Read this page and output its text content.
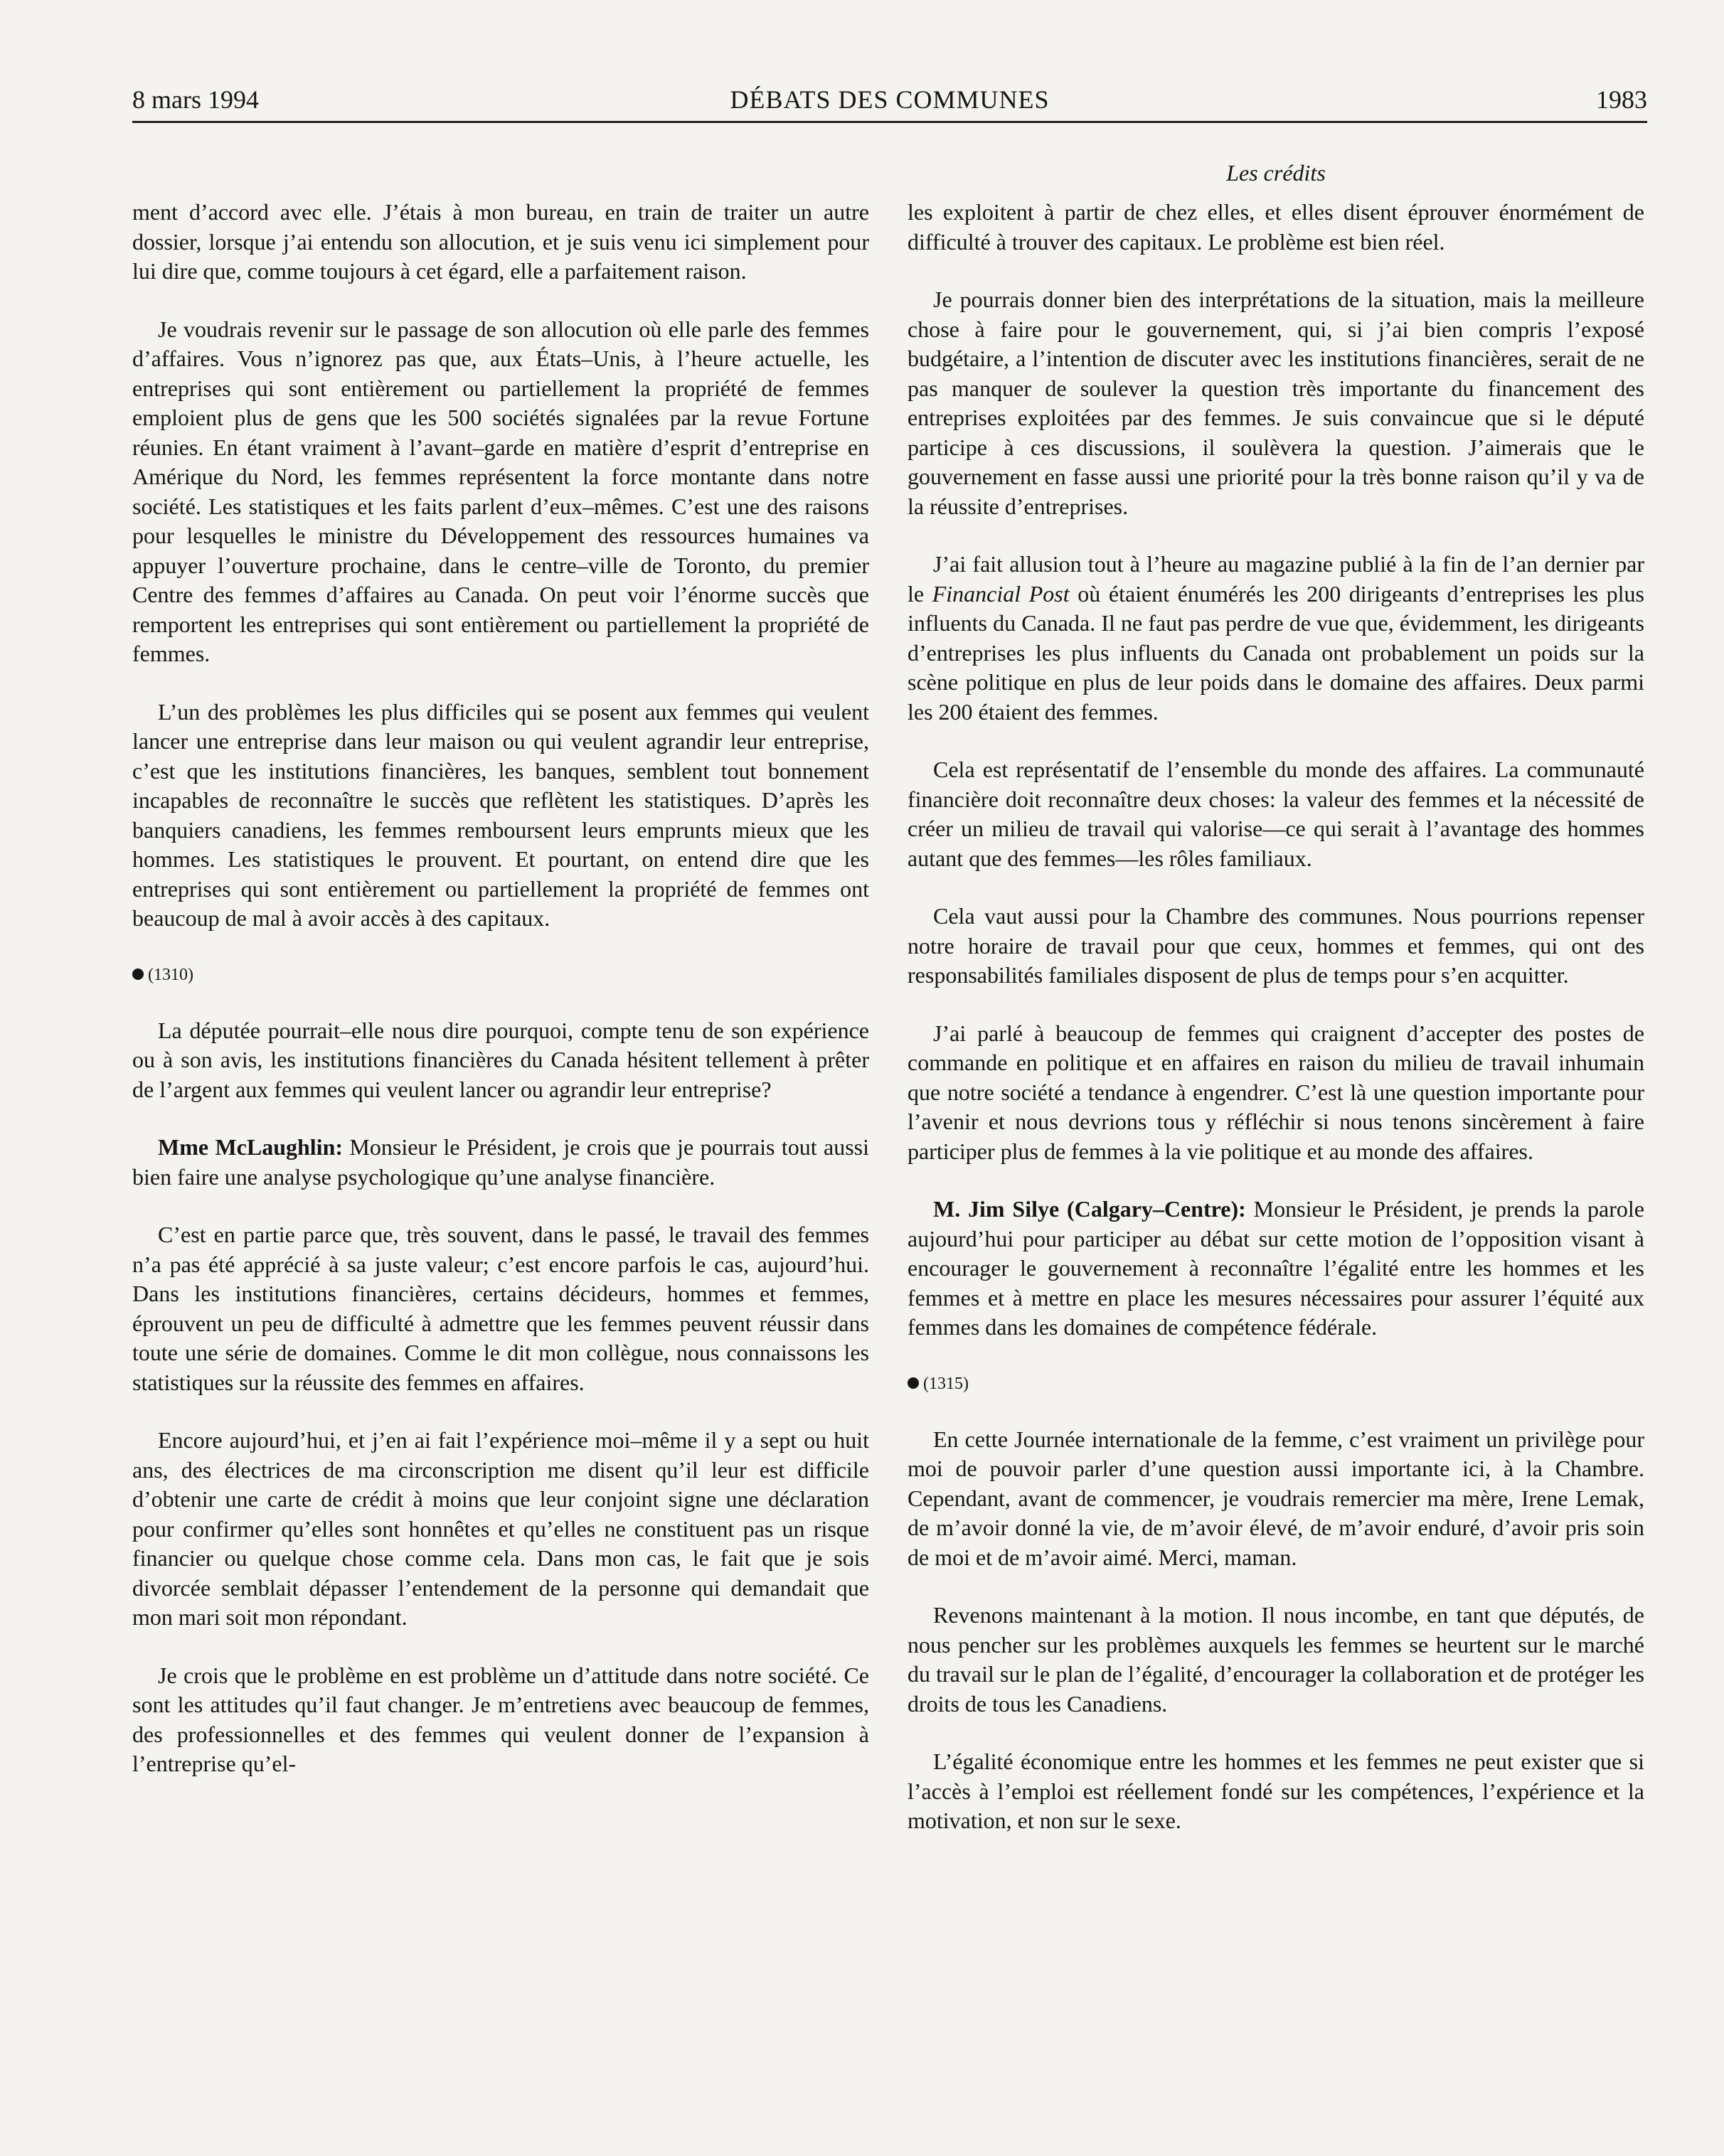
8 mars 1994	DÉBATS DES COMMUNES	1983
Les crédits

ment d’accord avec elle. J’étais à mon bureau, en train de traiter un autre dossier, lorsque j’ai entendu son allocution, et je suis venu ici simplement pour lui dire que, comme toujours à cet égard, elle a parfaitement raison.

Je voudrais revenir sur le passage de son allocution où elle parle des femmes d’affaires. Vous n’ignorez pas que, aux États–Unis, à l’heure actuelle, les entreprises qui sont entièrement ou partiellement la propriété de femmes emploient plus de gens que les 500 sociétés signalées par la revue Fortune réunies. En étant vraiment à l’avant–garde en matière d’esprit d’entreprise en Amérique du Nord, les femmes représentent la force montante dans notre société. Les statistiques et les faits parlent d’eux–mêmes. C’est une des raisons pour lesquelles le ministre du Développement des ressources humaines va appuyer l’ouverture prochaine, dans le centre–ville de Toronto, du premier Centre des femmes d’affaires au Canada. On peut voir l’énorme succès que remportent les entreprises qui sont entièrement ou partiellement la propriété de femmes.

L’un des problèmes les plus difficiles qui se posent aux femmes qui veulent lancer une entreprise dans leur maison ou qui veulent agrandir leur entreprise, c’est que les institutions financières, les banques, semblent tout bonnement incapables de reconnaître le succès que reflètent les statistiques. D’après les banquiers canadiens, les femmes remboursent leurs emprunts mieux que les hommes. Les statistiques le prouvent. Et pourtant, on entend dire que les entreprises qui sont entièrement ou partiellement la propriété de femmes ont beaucoup de mal à avoir accès à des capitaux.

(1310)

La députée pourrait–elle nous dire pourquoi, compte tenu de son expérience ou à son avis, les institutions financières du Canada hésitent tellement à prêter de l’argent aux femmes qui veulent lancer ou agrandir leur entreprise?

Mme McLaughlin: Monsieur le Président, je crois que je pourrais tout aussi bien faire une analyse psychologique qu’une analyse financière.

C’est en partie parce que, très souvent, dans le passé, le travail des femmes n’a pas été apprécié à sa juste valeur; c’est encore parfois le cas, aujourd’hui. Dans les institutions financières, certains décideurs, hommes et femmes, éprouvent un peu de difficulté à admettre que les femmes peuvent réussir dans toute une série de domaines. Comme le dit mon collègue, nous connaissons les statistiques sur la réussite des femmes en affaires.

Encore aujourd’hui, et j’en ai fait l’expérience moi–même il y a sept ou huit ans, des électrices de ma circonscription me disent qu’il leur est difficile d’obtenir une carte de crédit à moins que leur conjoint signe une déclaration pour confirmer qu’elles sont honnêtes et qu’elles ne constituent pas un risque financier ou quelque chose comme cela. Dans mon cas, le fait que je sois divorcée semblait dépasser l’entendement de la personne qui demandait que mon mari soit mon répondant.

Je crois que le problème en est problème un d’attitude dans notre société. Ce sont les attitudes qu’il faut changer. Je m’entretiens avec beaucoup de femmes, des professionnelles et des femmes qui veulent donner de l’expansion à l’entreprise qu’el-

les exploitent à partir de chez elles, et elles disent éprouver énormément de difficulté à trouver des capitaux. Le problème est bien réel.

Je pourrais donner bien des interprétations de la situation, mais la meilleure chose à faire pour le gouvernement, qui, si j’ai bien compris l’exposé budgétaire, a l’intention de discuter avec les institutions financières, serait de ne pas manquer de soulever la question très importante du financement des entreprises exploitées par des femmes. Je suis convaincue que si le député participe à ces discussions, il soulèvera la question. J’aimerais que le gouvernement en fasse aussi une priorité pour la très bonne raison qu’il y va de la réussite d’entreprises.

J’ai fait allusion tout à l’heure au magazine publié à la fin de l’an dernier par le Financial Post où étaient énumérés les 200 dirigeants d’entreprises les plus influents du Canada. Il ne faut pas perdre de vue que, évidemment, les dirigeants d’entreprises les plus influents du Canada ont probablement un poids sur la scène politique en plus de leur poids dans le domaine des affaires. Deux parmi les 200 étaient des femmes.

Cela est représentatif de l’ensemble du monde des affaires. La communauté financière doit reconnaître deux choses: la valeur des femmes et la nécessité de créer un milieu de travail qui valorise—ce qui serait à l’avantage des hommes autant que des femmes—les rôles familiaux.

Cela vaut aussi pour la Chambre des communes. Nous pourrions repenser notre horaire de travail pour que ceux, hommes et femmes, qui ont des responsabilités familiales disposent de plus de temps pour s’en acquitter.

J’ai parlé à beaucoup de femmes qui craignent d’accepter des postes de commande en politique et en affaires en raison du milieu de travail inhumain que notre société a tendance à engendrer. C’est là une question importante pour l’avenir et nous devrions tous y réfléchir si nous tenons sincèrement à faire participer plus de femmes à la vie politique et au monde des affaires.

M. Jim Silye (Calgary–Centre): Monsieur le Président, je prends la parole aujourd’hui pour participer au débat sur cette motion de l’opposition visant à encourager le gouvernement à reconnaître l’égalité entre les hommes et les femmes et à mettre en place les mesures nécessaires pour assurer l’équité aux femmes dans les domaines de compétence fédérale.

(1315)

En cette Journée internationale de la femme, c’est vraiment un privilège pour moi de pouvoir parler d’une question aussi importante ici, à la Chambre. Cependant, avant de commencer, je voudrais remercier ma mère, Irene Lemak, de m’avoir donné la vie, de m’avoir élevé, de m’avoir enduré, d’avoir pris soin de moi et de m’avoir aimé. Merci, maman.

Revenons maintenant à la motion. Il nous incombe, en tant que députés, de nous pencher sur les problèmes auxquels les femmes se heurtent sur le marché du travail sur le plan de l’égalité, d’encourager la collaboration et de protéger les droits de tous les Canadiens.

L’égalité économique entre les hommes et les femmes ne peut exister que si l’accès à l’emploi est réellement fondé sur les compétences, l’expérience et la motivation, et non sur le sexe.
